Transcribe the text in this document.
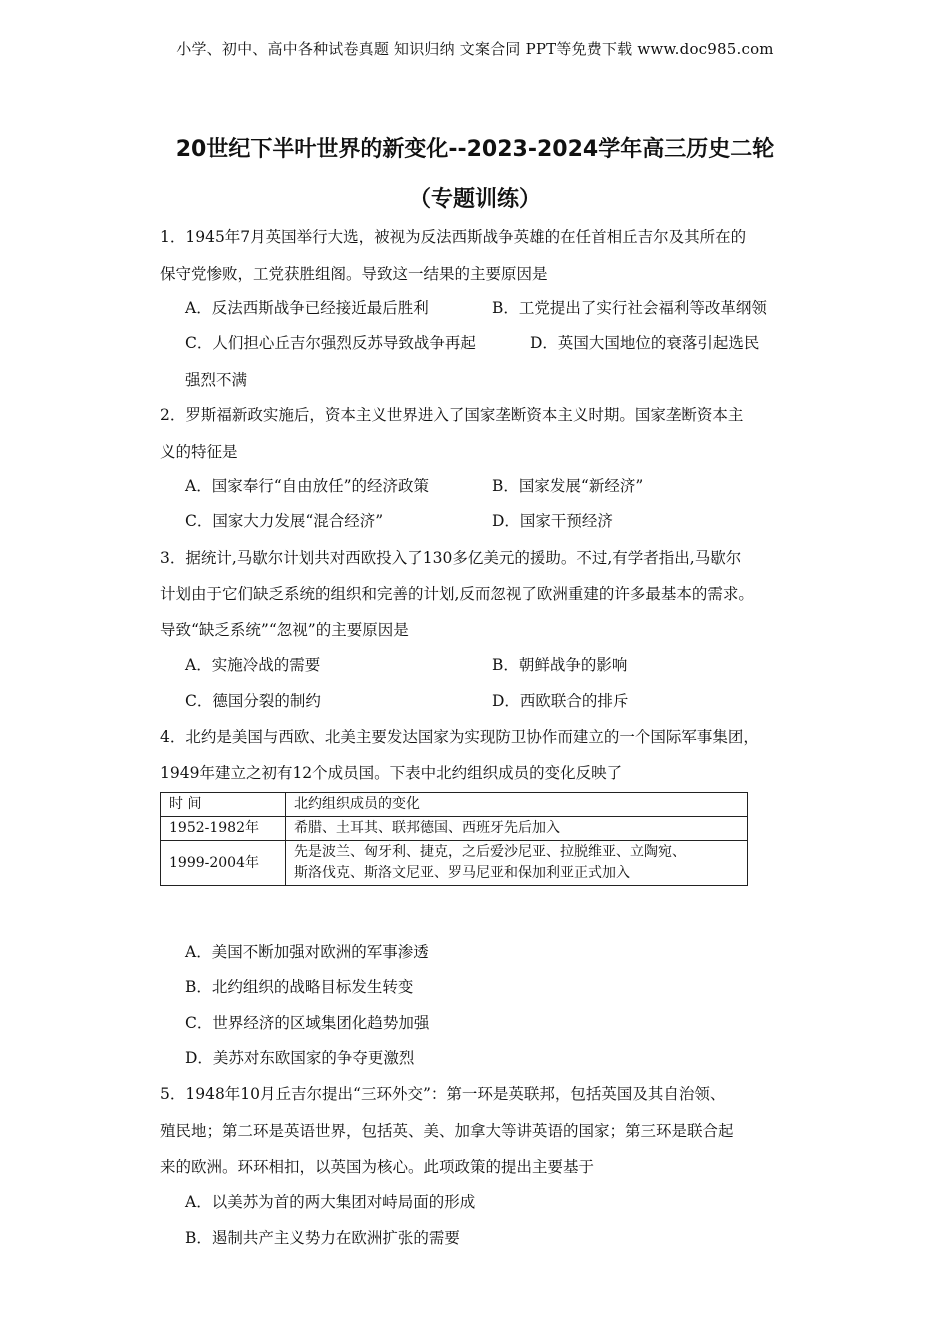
小学、初中、高中各种试卷真题 知识归纳 文案合同 PPT等免费下载 www.doc985.com
20世纪下半叶世界的新变化--2023-2024学年高三历史二轮
（专题训练）
1．1945年7月英国举行大选，被视为反法西斯战争英雄的在任首相丘吉尔及其所在的
保守党惨败，工党获胜组阁。导致这一结果的主要原因是
A．反法西斯战争已经接近最后胜利	B．工党提出了实行社会福利等改革纲领
C．人们担心丘吉尔强烈反苏导致战争再起	D．英国大国地位的衰落引起选民
强烈不满
2．罗斯福新政实施后，资本主义世界进入了国家垄断资本主义时期。国家垄断资本主
义的特征是
A．国家奉行“自由放任”的经济政策	B．国家发展“新经济”
C．国家大力发展“混合经济”	D．国家干预经济
3．据统计,马歇尔计划共对西欧投入了130多亿美元的援助。不过,有学者指出,马歇尔
计划由于它们缺乏系统的组织和完善的计划,反而忽视了欧洲重建的许多最基本的需求。
导致“缺乏系统”“忽视”的主要原因是
A．实施冷战的需要	B．朝鲜战争的影响
C．德国分裂的制约	D．西欧联合的排斥
4．北约是美国与西欧、北美主要发达国家为实现防卫协作而建立的一个国际军事集团，
1949年建立之初有12个成员国。下表中北约组织成员的变化反映了
时 间	北约组织成员的变化
1952-1982年	希腊、土耳其、联邦德国、西班牙先后加入
1999-2004年	先是波兰、匈牙利、捷克，之后爱沙尼亚、拉脱维亚、立陶宛、
斯洛伐克、斯洛文尼亚、罗马尼亚和保加利亚正式加入
A．美国不断加强对欧洲的军事渗透
B．北约组织的战略目标发生转变
C．世界经济的区域集团化趋势加强
D．美苏对东欧国家的争夺更激烈
5．1948年10月丘吉尔提出“三环外交”：第一环是英联邦，包括英国及其自治领、
殖民地；第二环是英语世界，包括英、美、加拿大等讲英语的国家；第三环是联合起
来的欧洲。环环相扣，以英国为核心。此项政策的提出主要基于
A．以美苏为首的两大集团对峙局面的形成
B．遏制共产主义势力在欧洲扩张的需要
